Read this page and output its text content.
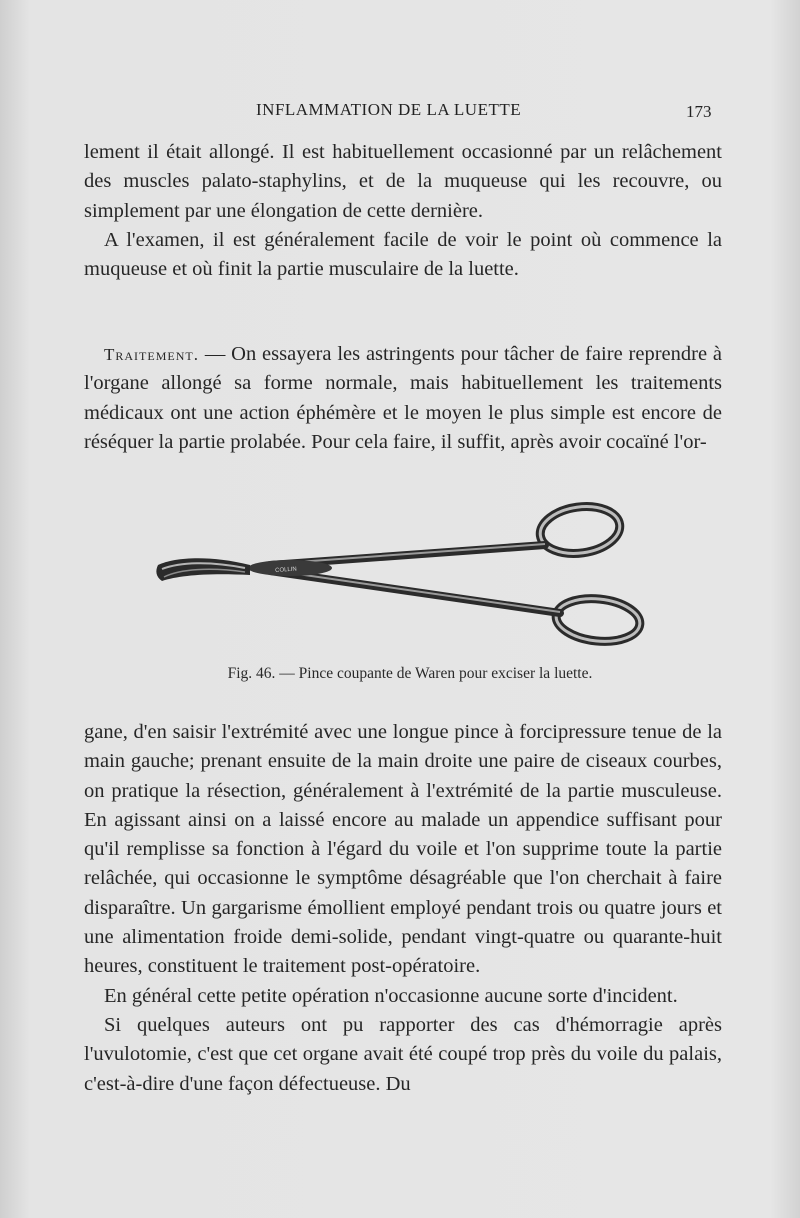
INFLAMMATION DE LA LUETTE	173

lement il était allongé. Il est habituellement occasionné par un relâchement des muscles palato-staphylins, et de la muqueuse qui les recouvre, ou simplement par une élongation de cette dernière.

A l'examen, il est généralement facile de voir le point où commence la muqueuse et où finit la partie musculaire de la luette.

Traitement. — On essayera les astringents pour tâcher de faire reprendre à l'organe allongé sa forme normale, mais habituellement les traitements médicaux ont une action éphémère et le moyen le plus simple est encore de réséquer la partie prolabée. Pour cela faire, il suffit, après avoir cocaïné l'or-

COLLIN
Fig. 46. — Pince coupante de Waren pour exciser la luette.

gane, d'en saisir l'extrémité avec une longue pince à forcipressure tenue de la main gauche; prenant ensuite de la main droite une paire de ciseaux courbes, on pratique la résection, généralement à l'extrémité de la partie musculeuse. En agissant ainsi on a laissé encore au malade un appendice suffisant pour qu'il remplisse sa fonction à l'égard du voile et l'on supprime toute la partie relâchée, qui occasionne le symptôme désagréable que l'on cherchait à faire disparaître. Un gargarisme émollient employé pendant trois ou quatre jours et une alimentation froide demi-solide, pendant vingt-quatre ou quarante-huit heures, constituent le traitement post-opératoire.

En général cette petite opération n'occasionne aucune sorte d'incident.

Si quelques auteurs ont pu rapporter des cas d'hémorragie après l'uvulotomie, c'est que cet organe avait été coupé trop près du voile du palais, c'est-à-dire d'une façon défectueuse. Du
